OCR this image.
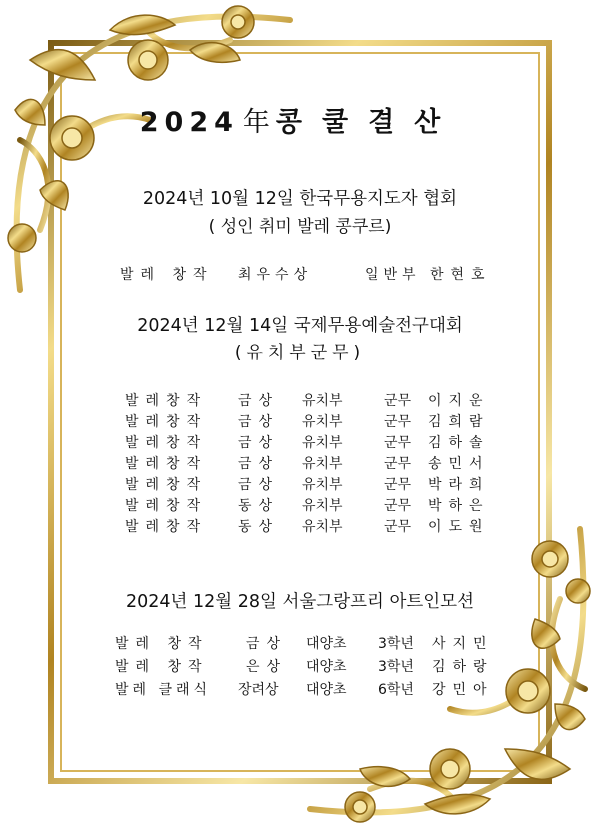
2024 年 콩쿨결산
2024년 10월 12일 한국무용지도자 협회
( 성인 취미 발레 콩쿠르)
발레 창작 최우수상	일반부 한현호
2024년 12월 14일 국제무용예술전구대회
(유치부군무)
발레창작 금상 유치부	군무 이지운
발레창작 금상 유치부	군무 김희람
발레창작 금상 유치부	군무 김하솔
발레창작 금상 유치부	군무 송민서
발레창작 금상 유치부	군무 박라희
발레창작 동상 유치부	군무 박하은
발레창작 동상 유치부	군무 이도원
2024년 12월 28일 서울그랑프리 아트인모션
발레 창작	금상 대양초 3학년 사지민
발레 창작	은상 대양초 3학년 김하랑
발레 클래식 장려상 대양초 6학년 강민아
